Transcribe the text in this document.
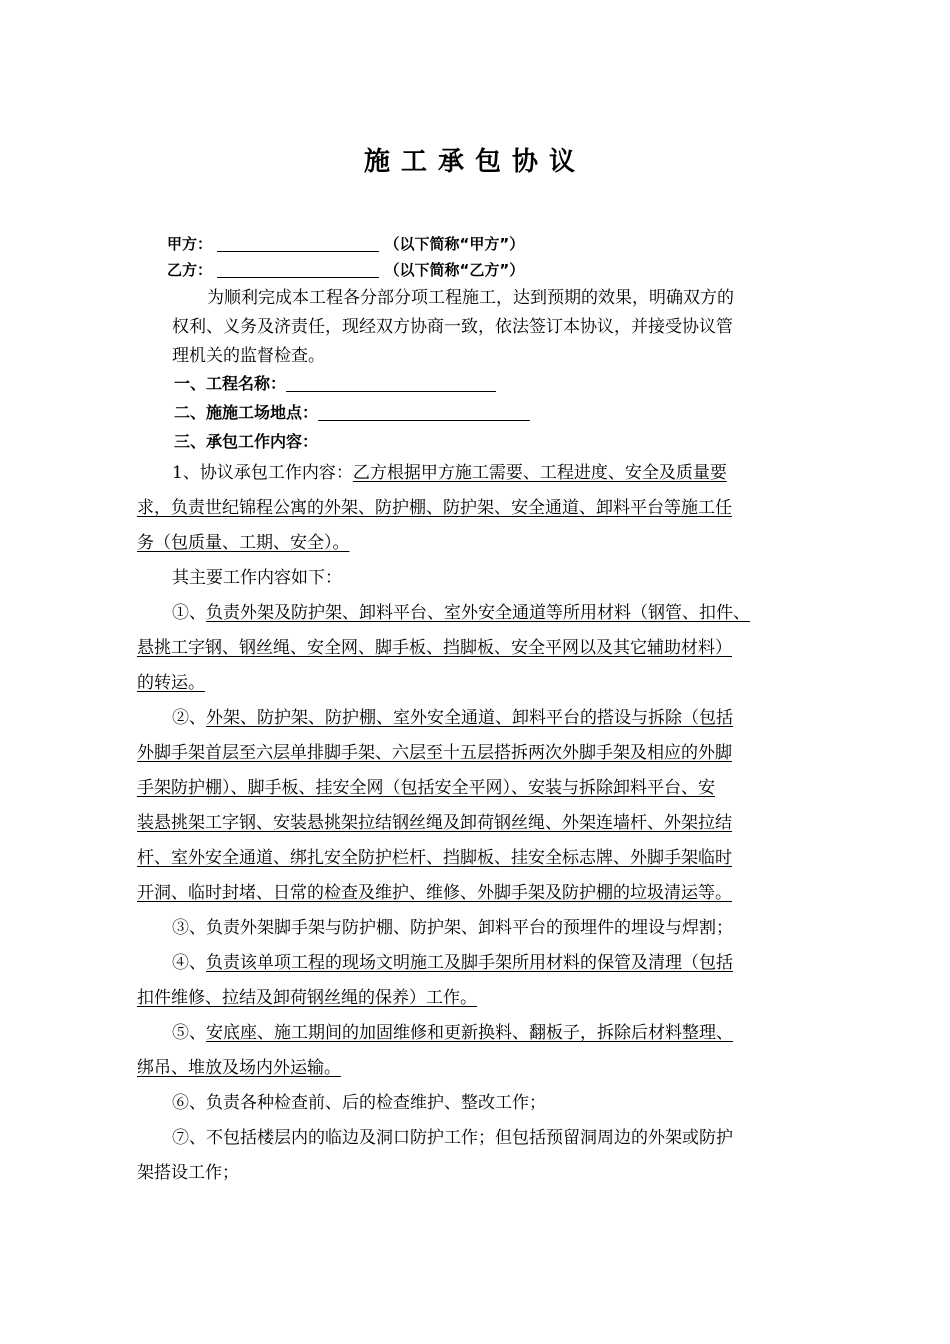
施工承包协议
甲方：	（以下简称“甲方”）
乙方：	（以下简称“乙方”）
为顺利完成本工程各分部分项工程施工，达到预期的效果，明确双方的
权利、义务及济责任，现经双方协商一致，依法签订本协议，并接受协议管
理机关的监督检查。
一、工程名称：
二、施施工场地点：
三、承包工作内容：
1、协议承包工作内容：乙方根据甲方施工需要、工程进度、安全及质量要
求，负责世纪锦程公寓的外架、防护棚、防护架、安全通道、卸料平台等施工任
务（包质量、工期、安全）。
其主要工作内容如下：
①、负责外架及防护架、卸料平台、室外安全通道等所用材料（钢管、扣件、
悬挑工字钢、钢丝绳、安全网、脚手板、挡脚板、安全平网以及其它辅助材料）
的转运。
②、外架、防护架、防护棚、室外安全通道、卸料平台的搭设与拆除（包括
外脚手架首层至六层单排脚手架、六层至十五层搭拆两次外脚手架及相应的外脚
手架防护棚）、脚手板、挂安全网（包括安全平网）、安装与拆除卸料平台、安
装悬挑架工字钢、安装悬挑架拉结钢丝绳及卸荷钢丝绳、外架连墙杆、外架拉结
杆、室外安全通道、绑扎安全防护栏杆、挡脚板、挂安全标志牌、外脚手架临时
开洞、临时封堵、日常的检查及维护、维修、外脚手架及防护棚的垃圾清运等。
③、负责外架脚手架与防护棚、防护架、卸料平台的预埋件的埋设与焊割；
④、负责该单项工程的现场文明施工及脚手架所用材料的保管及清理（包括
扣件维修、拉结及卸荷钢丝绳的保养）工作。
⑤、安底座、施工期间的加固维修和更新换料、翻板子，拆除后材料整理、
绑吊、堆放及场内外运输。
⑥、负责各种检查前、后的检查维护、整改工作；
⑦、不包括楼层内的临边及洞口防护工作；但包括预留洞周边的外架或防护
架搭设工作；
